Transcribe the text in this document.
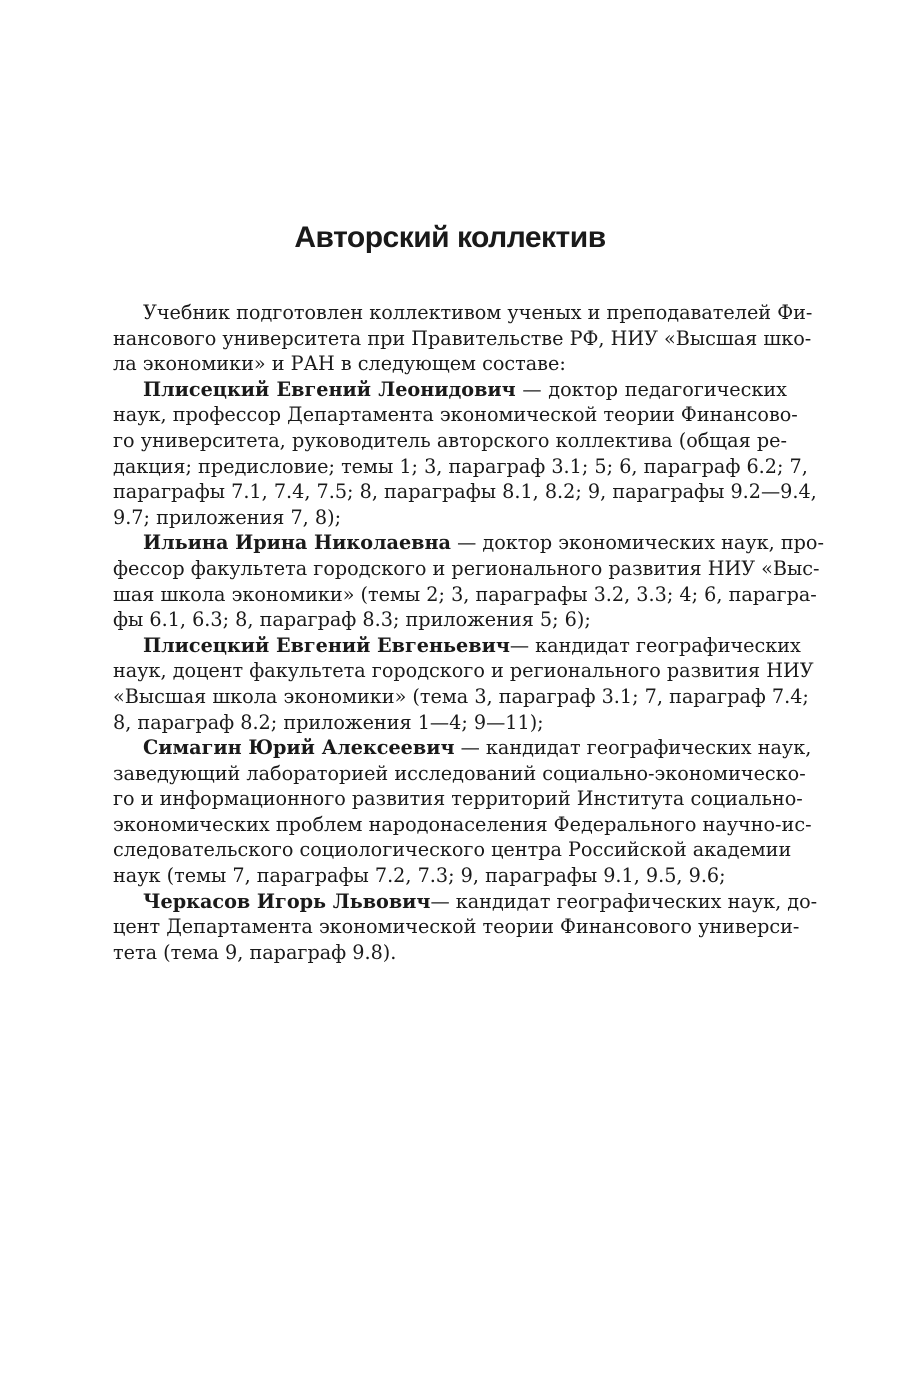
Авторский коллектив

Учебник подготовлен коллективом ученых и преподавателей Фи-
нансового университета при Правительстве РФ, НИУ «Высшая шко-
ла экономики» и РАН в следующем составе:

Плисецкий Евгений Леонидович — доктор педагогических
наук, профессор Департамента экономической теории Финансово-
го университета, руководитель авторского коллектива (общая ре-
дакция; предисловие; темы 1; 3, параграф 3.1; 5; 6, параграф 6.2; 7,
параграфы 7.1, 7.4, 7.5; 8, параграфы 8.1, 8.2; 9, параграфы 9.2—9.4,
9.7; приложения 7, 8);

Ильина Ирина Николаевна — доктор экономических наук, про-
фессор факультета городского и регионального развития НИУ «Выс-
шая школа экономики» (темы 2; 3, параграфы 3.2, 3.3; 4; 6, парагра-
фы 6.1, 6.3; 8, параграф 8.3; приложения 5; 6);

Плисецкий Евгений Евгеньевич— кандидат географических
наук, доцент факультета городского и регионального развития НИУ
«Высшая школа экономики» (тема 3, параграф 3.1; 7, параграф 7.4;
8, параграф 8.2; приложения 1—4; 9—11);

Симагин Юрий Алексеевич — кандидат географических наук,
заведующий лабораторией исследований социально-экономическо-
го и информационного развития территорий Института социально-
экономических проблем народонаселения Федерального научно-ис-
следовательского социологического центра Российской академии
наук (темы 7, параграфы 7.2, 7.3; 9, параграфы 9.1, 9.5, 9.6;

Черкасов Игорь Львович— кандидат географических наук, до-
цент Департамента экономической теории Финансового универси-
тета (тема 9, параграф 9.8).
